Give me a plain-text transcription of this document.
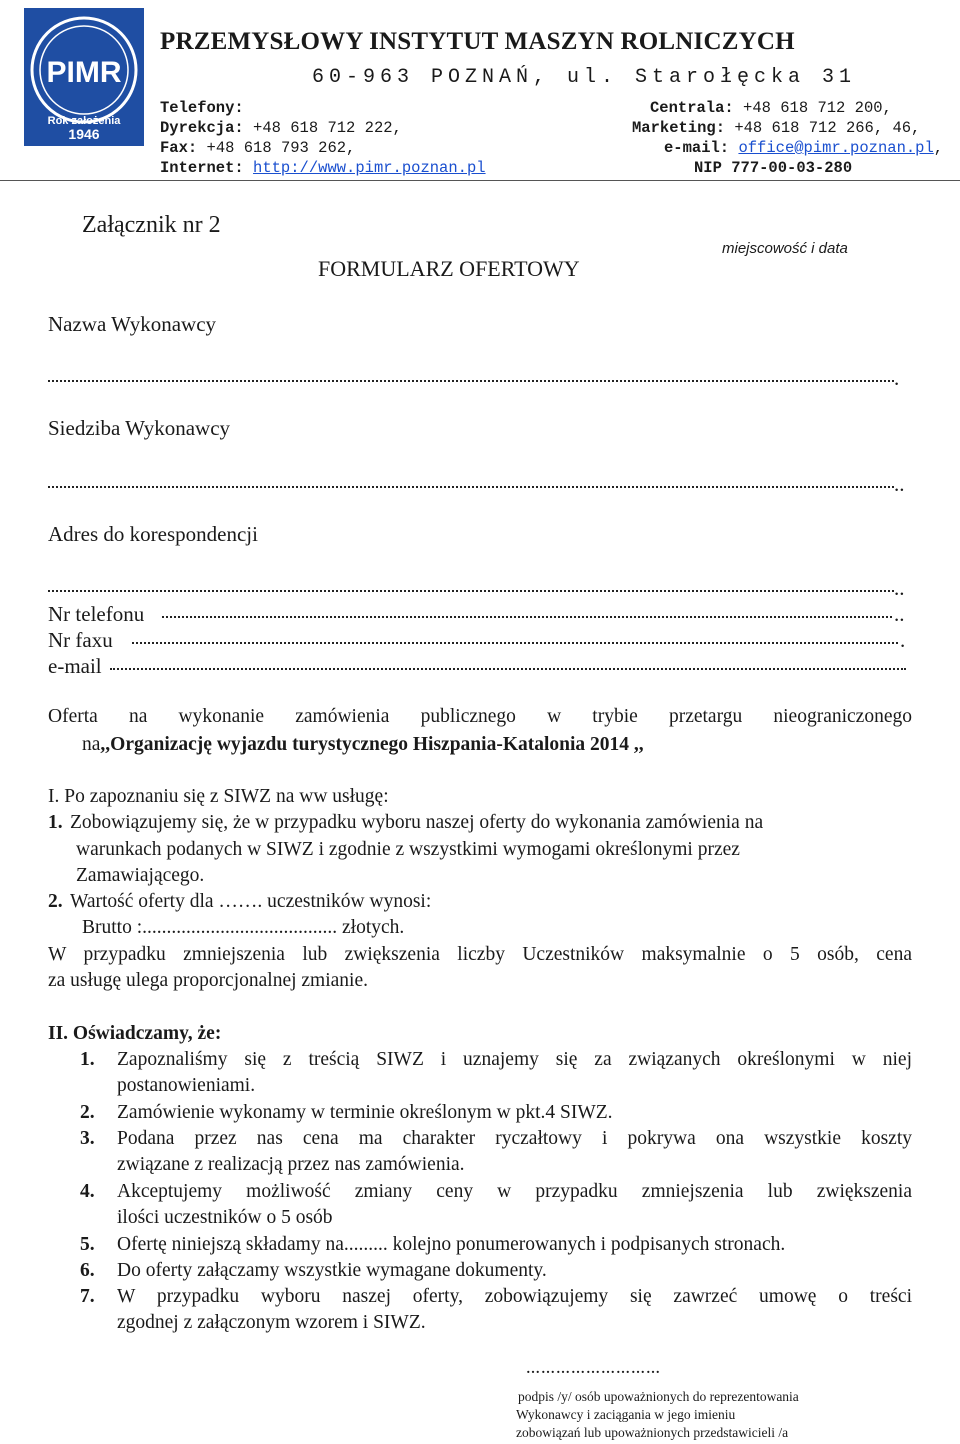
PIMR
Rok założenia
1946
PRZEMYSŁOWY INSTYTUT MASZYN ROLNICZYCH
60-963 POZNAŃ, ul. Starołęcka 31
Telefony:
Dyrekcja: +48 618 712 222,
Fax: +48 618 793 262,
Internet: http://www.pimr.poznan.pl
Centrala: +48 618 712 200,
Marketing: +48 618 712 266, 46,
e-mail: office@pimr.poznan.pl,
NIP 777-00-03-280
Załącznik nr 2
FORMULARZ OFERTOWY
miejscowość i data
Nazwa Wykonawcy
.
Siedziba Wykonawcy
..
Adres do korespondencji
..
Nr telefonu	..
Nr faxu	.
e-mail
Oferta na wykonanie zamówienia publicznego w trybie przetargu nieograniczonego
na,,Organizację wyjazdu turystycznego Hiszpania-Katalonia 2014 ,,
I. Po zapoznaniu się z SIWZ na ww usługę:
1. Zobowiązujemy się, że w przypadku wyboru naszej oferty do wykonania zamówienia na
warunkach podanych w SIWZ i zgodnie z wszystkimi wymogami określonymi przez
Zamawiającego.
2. Wartość oferty dla ……. uczestników wynosi:
Brutto :........................................ złotych.
W przypadku zmniejszenia lub zwiększenia liczby Uczestników maksymalnie o 5 osób, cena
za usługę ulega proporcjonalnej zmianie.
II. Oświadczamy, że:
1. Zapoznaliśmy się z treścią SIWZ i uznajemy się za związanych określonymi w niej
postanowieniami.
2. Zamówienie wykonamy w terminie określonym w pkt.4 SIWZ.
3. Podana przez nas cena ma charakter ryczałtowy i pokrywa ona wszystkie koszty
związane z realizacją przez nas zamówienia.
4. Akceptujemy możliwość zmiany ceny w przypadku zmniejszenia lub zwiększenia
ilości uczestników o 5 osób
5. Ofertę niniejszą składamy na......... kolejno ponumerowanych i podpisanych stronach.
6. Do oferty załączamy wszystkie wymagane dokumenty.
7. W przypadku wyboru naszej oferty, zobowiązujemy się zawrzeć umowę o treści
zgodnej z załączonym wzorem i SIWZ.
………………………
podpis /y/ osób upoważnionych do reprezentowania
Wykonawcy i zaciągania w jego imieniu
zobowiązań lub upoważnionych przedstawicieli /a
